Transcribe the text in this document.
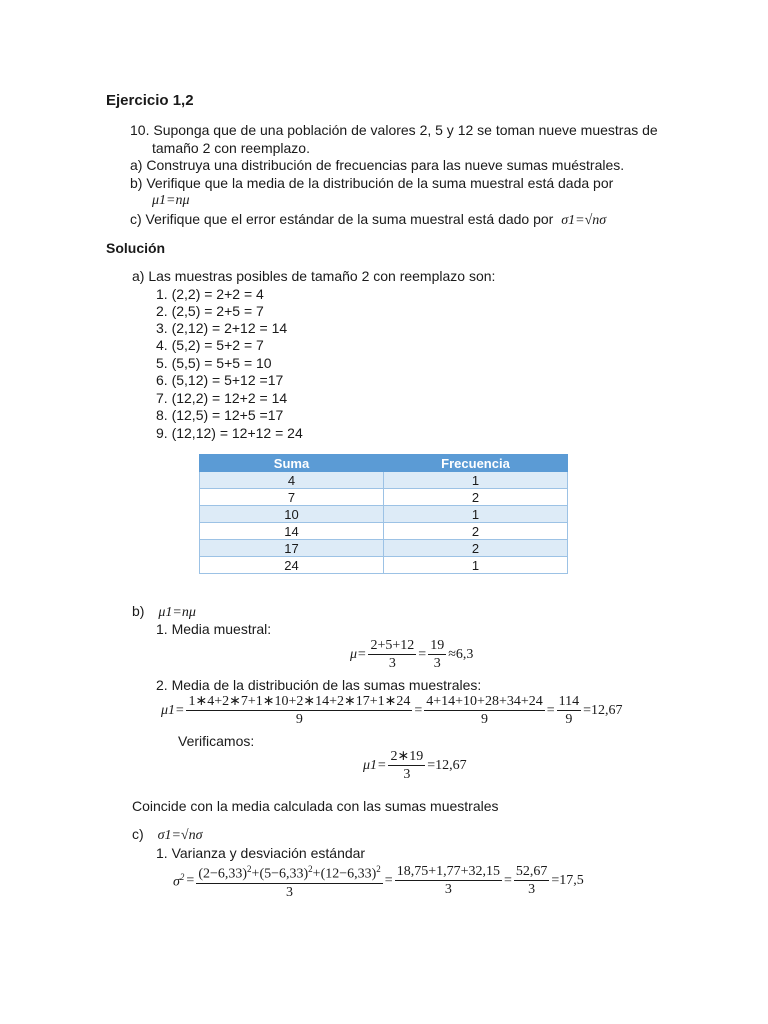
Ejercicio 1,2
10. Suponga que de una población de valores 2, 5 y 12 se toman nueve muestras de
tamaño 2 con reemplazo.
a) Construya una distribución de frecuencias para las nueve sumas muéstrales.
b) Verifique que la media de la distribución de la suma muestral está dada por
μ1=nμ
c) Verifique que el error estándar de la suma muestral está dado por σ1=√nσ
Solución
a) Las muestras posibles de tamaño 2 con reemplazo son:
1. (2,2) = 2+2 = 4
2. (2,5) = 2+5 = 7
3. (2,12) = 2+12 = 14
4. (5,2) = 5+2 = 7
5. (5,5) = 5+5 = 10
6. (5,12) = 5+12 =17
7. (12,2) = 12+2 = 14
8. (12,5) = 12+5 =17
9. (12,12) = 12+12 = 24
Suma	Frecuencia
4	1
7	2
10	1
14	2
17	2
24	1
b) μ1=nμ
1. Media muestral:
$\mu= \frac{2+5+12}{3} = \frac{19}{3} \approx 6,3$
2. Media de la distribución de las sumas muestrales:
$\mu 1= \frac{1∗4+2∗7+1∗10+2∗14+2∗17+1∗24}{9} = \frac{4+14+10+28+34+24}{9} = \frac{114}{9} =12,67$
Verificamos:
$\mu 1= \frac{2∗19}{3} =12,67$
Coincide con la media calculada con las sumas muestrales
c) σ1=√nσ
1. Varianza y desviación estándar
$\sigma^2 = \frac{(2-6,33)^2+(5-6,33)^2+(12-6,33)^2}{3} = \frac{18,75+1,77+32,15}{3} = \frac{52,67}{3} =17,5$
